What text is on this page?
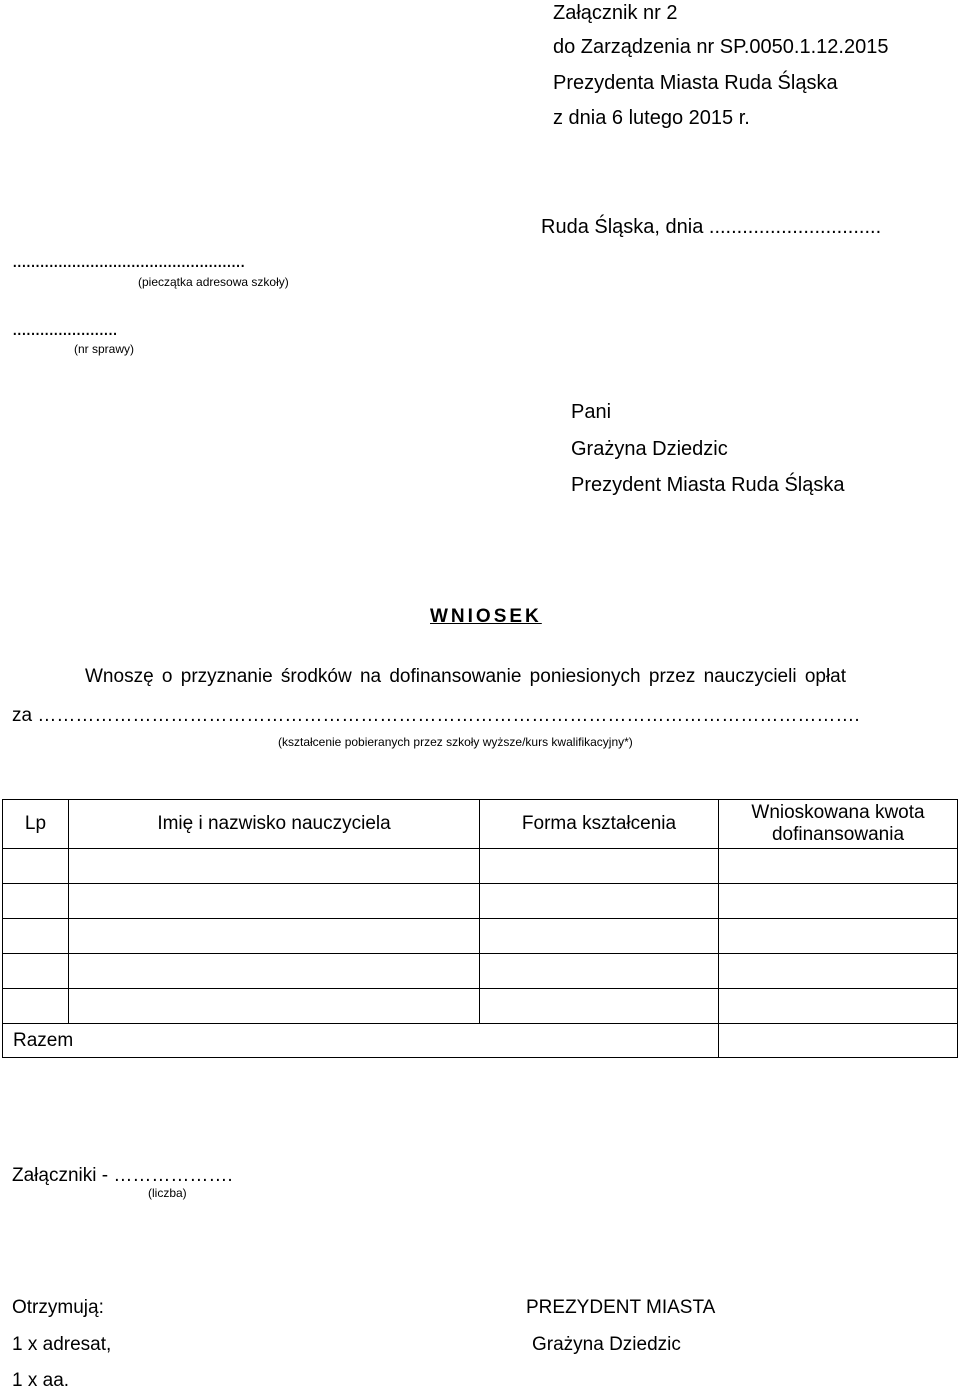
Załącznik nr 2
do Zarządzenia nr SP.0050.1.12.2015
Prezydenta Miasta Ruda Śląska
z dnia 6 lutego 2015 r.
Ruda Śląska, dnia ...............................
...................................................
(pieczątka adresowa szkoły)
.......................
(nr sprawy)
Pani
Grażyna Dziedzic
Prezydent Miasta Ruda Śląska
WNIOSEK
Wnoszę o przyznanie środków na dofinansowanie poniesionych przez nauczycieli opłat
za ………………………………………………………………………………………………………………….
(kształcenie pobieranych przez szkoły wyższe/kurs kwalifikacyjny*)
Lp	Imię i nazwisko nauczyciela	Forma kształcenia	Wnioskowana kwota
dofinansowania

Razem			
Załączniki - ……………….
(liczba)
Otrzymują:
1 x adresat,
1 x aa.
PREZYDENT MIASTA
Grażyna Dziedzic
